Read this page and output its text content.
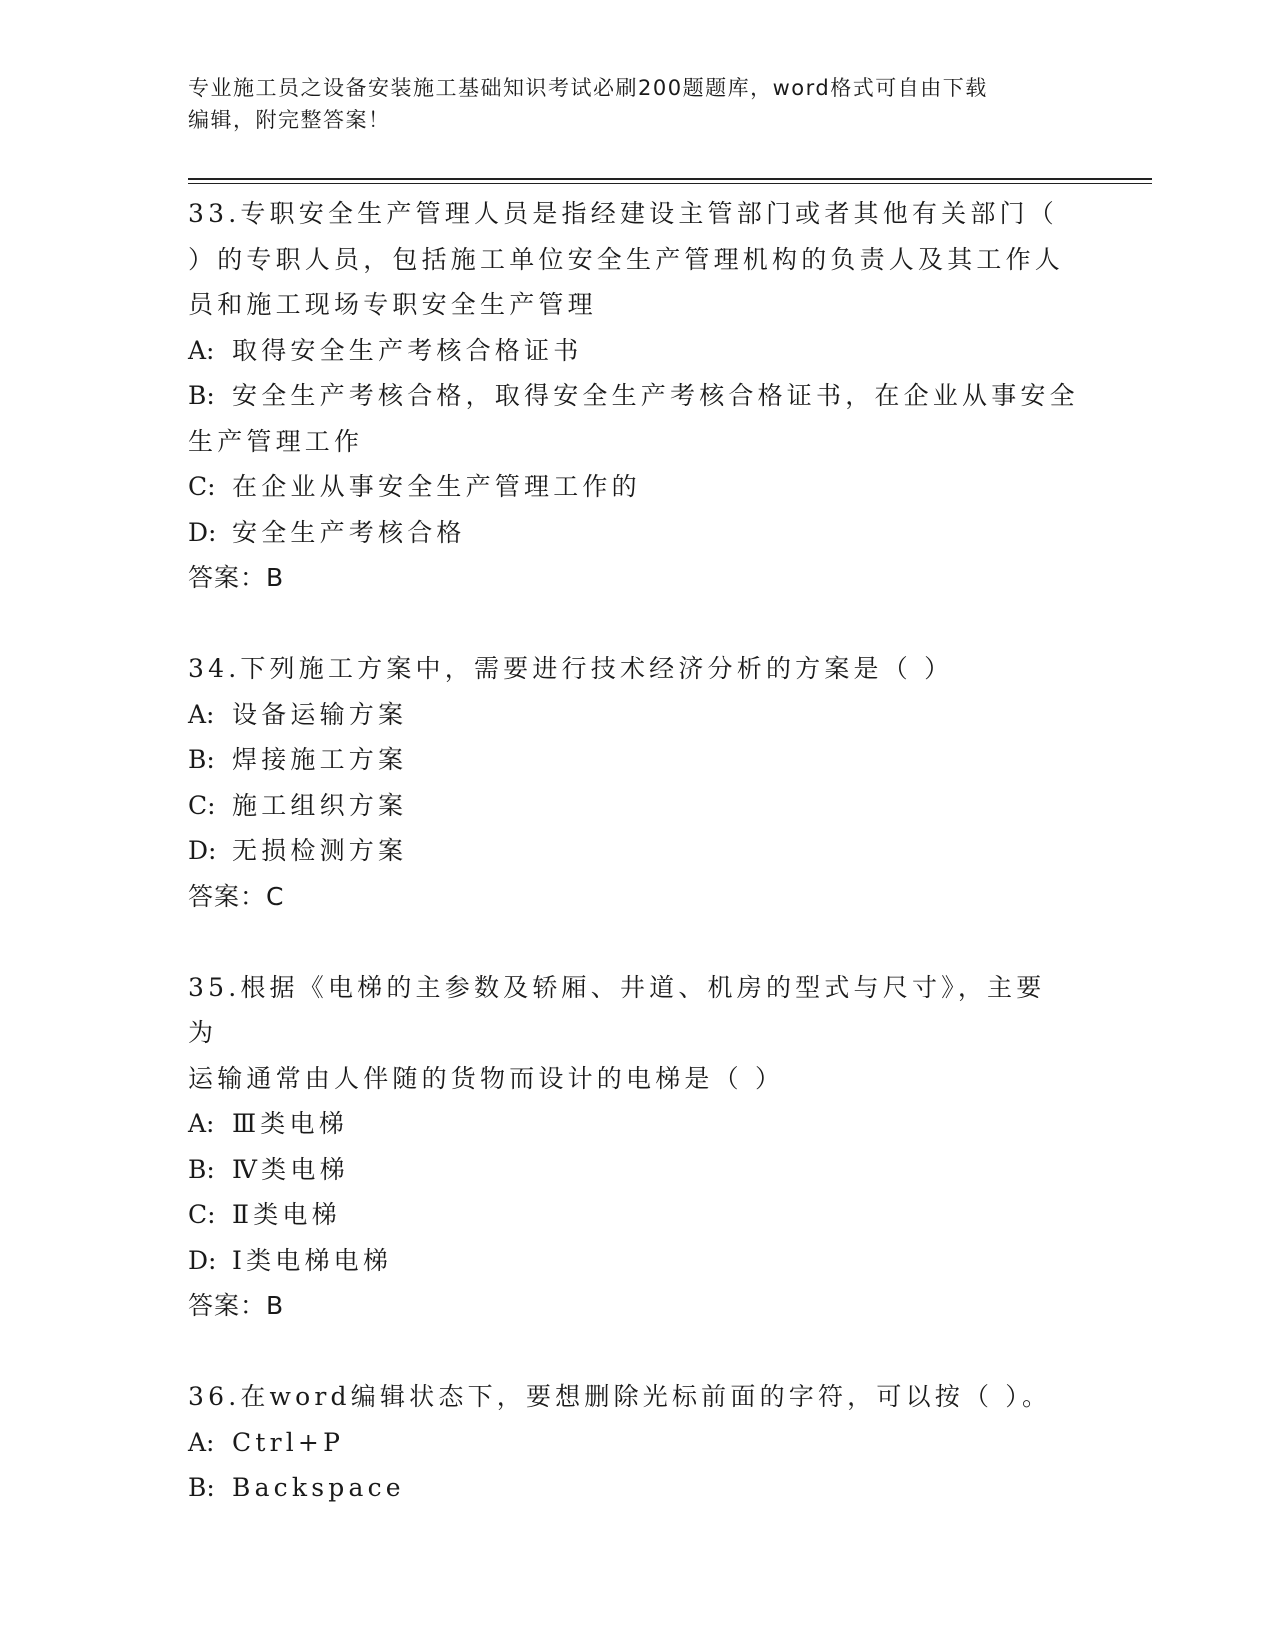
专业施工员之设备安装施工基础知识考试必刷200题题库，word格式可自由下载
编辑，附完整答案！
33.专职安全生产管理人员是指经建设主管部门或者其他有关部门（
）的专职人员，包括施工单位安全生产管理机构的负责人及其工作人
员和施工现场专职安全生产管理
A: 取得安全生产考核合格证书
B: 安全生产考核合格，取得安全生产考核合格证书，在企业从事安全
生产管理工作
C: 在企业从事安全生产管理工作的
D: 安全生产考核合格
答案：B
34.下列施工方案中，需要进行技术经济分析的方案是（ ）
A: 设备运输方案
B: 焊接施工方案
C: 施工组织方案
D: 无损检测方案
答案：C
35.根据《电梯的主参数及轿厢、井道、机房的型式与尺寸》，主要为
运输通常由人伴随的货物而设计的电梯是（ ）
A: Ⅲ类电梯
B: Ⅳ类电梯
C: Ⅱ类电梯
D: Ⅰ类电梯电梯
答案：B
36.在word编辑状态下，要想删除光标前面的字符，可以按（ ）。
A: Ctrl+P
B: Backspace
